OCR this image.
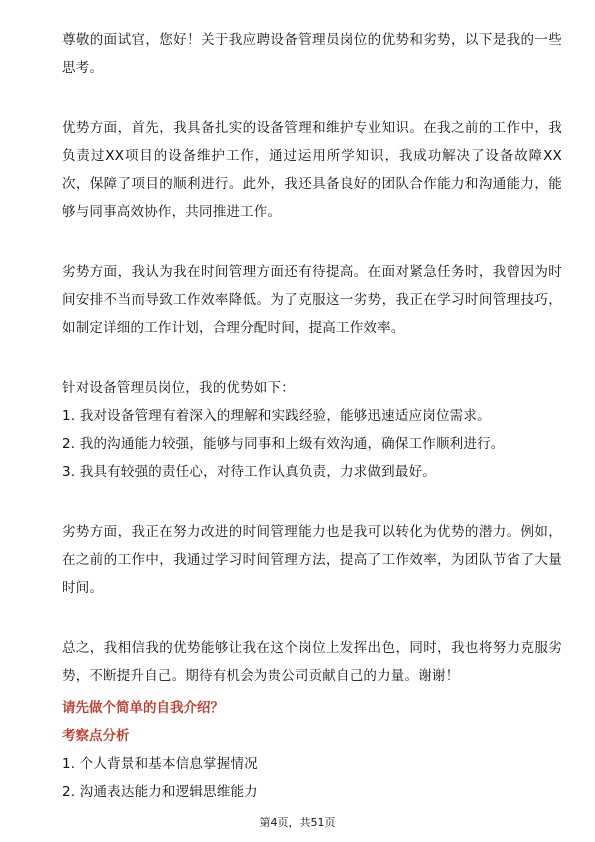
尊敬的面试官，您好！关于我应聘设备管理员岗位的优势和劣势，以下是我的一些思考。

优势方面，首先，我具备扎实的设备管理和维护专业知识。在我之前的工作中，我负责过XX项目的设备维护工作，通过运用所学知识，我成功解决了设备故障XX次，保障了项目的顺利进行。此外，我还具备良好的团队合作能力和沟通能力，能够与同事高效协作，共同推进工作。

劣势方面，我认为我在时间管理方面还有待提高。在面对紧急任务时，我曾因为时间安排不当而导致工作效率降低。为了克服这一劣势，我正在学习时间管理技巧，如制定详细的工作计划，合理分配时间，提高工作效率。

针对设备管理员岗位，我的优势如下：

1. 我对设备管理有着深入的理解和实践经验，能够迅速适应岗位需求。
2. 我的沟通能力较强，能够与同事和上级有效沟通，确保工作顺利进行。
3. 我具有较强的责任心，对待工作认真负责，力求做到最好。

劣势方面，我正在努力改进的时间管理能力也是我可以转化为优势的潜力。例如，在之前的工作中，我通过学习时间管理方法，提高了工作效率，为团队节省了大量时间。

总之，我相信我的优势能够让我在这个岗位上发挥出色，同时，我也将努力克服劣势，不断提升自己。期待有机会为贵公司贡献自己的力量。谢谢！

请先做个简单的自我介绍？
考察点分析
1. 个人背景和基本信息掌握情况
2. 沟通表达能力和逻辑思维能力
第4页，共51页
